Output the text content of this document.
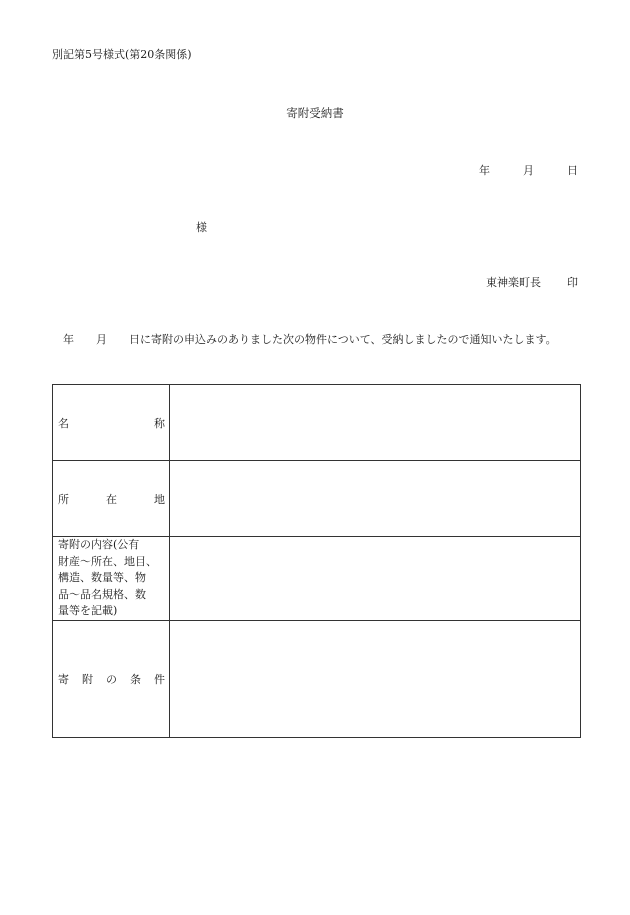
別記第5号様式(第20条関係)
寄附受納書
年	月	日
様
東神楽町長 印
年　　月　　日に寄附の申込みのありました次の物件について、受納しましたので通知いたします。
名 称	

所 在 地	

寄附の内容(公有
財産〜所在、地目、
構造、数量等、物
品〜品名規格、数
量等を記載)	

寄 附 の 条 件	
